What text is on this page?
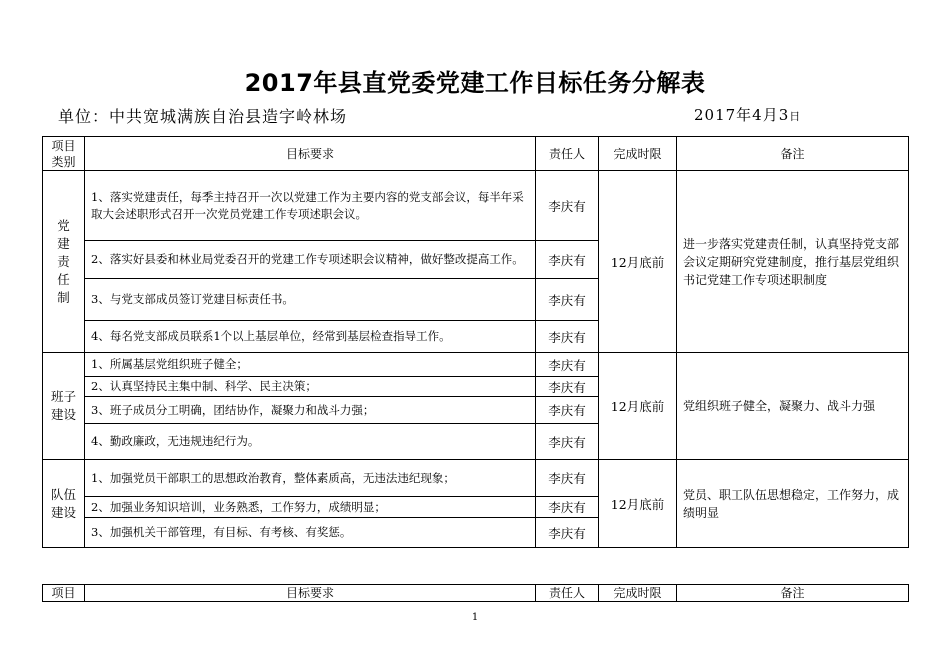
2017年县直党委党建工作目标任务分解表
单位：中共宽城满族自治县造字岭林场	2017年4月3日
项目类别	目标要求	责任人	完成时限	备注
党建责任制	1、落实党建责任，每季主持召开一次以党建工作为主要内容的党支部会议，每半年采取大会述职形式召开一次党员党建工作专项述职会议。	李庆有	12月底前	进一步落实党建责任制，认真坚持党支部会议定期研究党建制度，推行基层党组织书记党建工作专项述职制度
	2、落实好县委和林业局党委召开的党建工作专项述职会议精神，做好整改提高工作。	李庆有		
	3、与党支部成员签订党建目标责任书。	李庆有		
	4、每名党支部成员联系1个以上基层单位，经常到基层检查指导工作。	李庆有		
班子建设	1、所属基层党组织班子健全；	李庆有	12月底前	党组织班子健全，凝聚力、战斗力强
	2、认真坚持民主集中制、科学、民主决策；	李庆有		
	3、班子成员分工明确，团结协作，凝聚力和战斗力强；	李庆有		
	4、勤政廉政，无违规违纪行为。	李庆有		
队伍建设	1、加强党员干部职工的思想政治教育，整体素质高，无违法违纪现象；	李庆有	12月底前	党员、职工队伍思想稳定，工作努力，成绩明显
	2、加强业务知识培训，业务熟悉，工作努力，成绩明显；	李庆有		
	3、加强机关干部管理，有目标、有考核、有奖惩。	李庆有		
项目	目标要求	责任人	完成时限	备注
1
